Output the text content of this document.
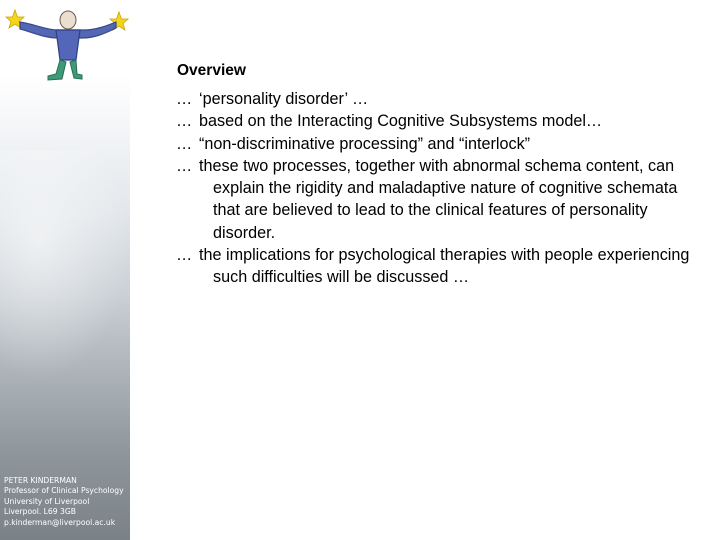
PETER KINDERMAN
Professor of Clinical Psychology
University of Liverpool
Liverpool. L69 3GB
p.kinderman@liverpool.ac.uk
Overview
… ‘personality disorder’ …
… based on the Interacting Cognitive Subsystems model…
… “non-discriminative processing” and “interlock”
… these two processes, together with abnormal schema content, can explain the rigidity and maladaptive nature of cognitive schemata that are believed to lead to the clinical features of personality disorder.
… the implications for psychological therapies with people experiencing such difficulties will be discussed …
